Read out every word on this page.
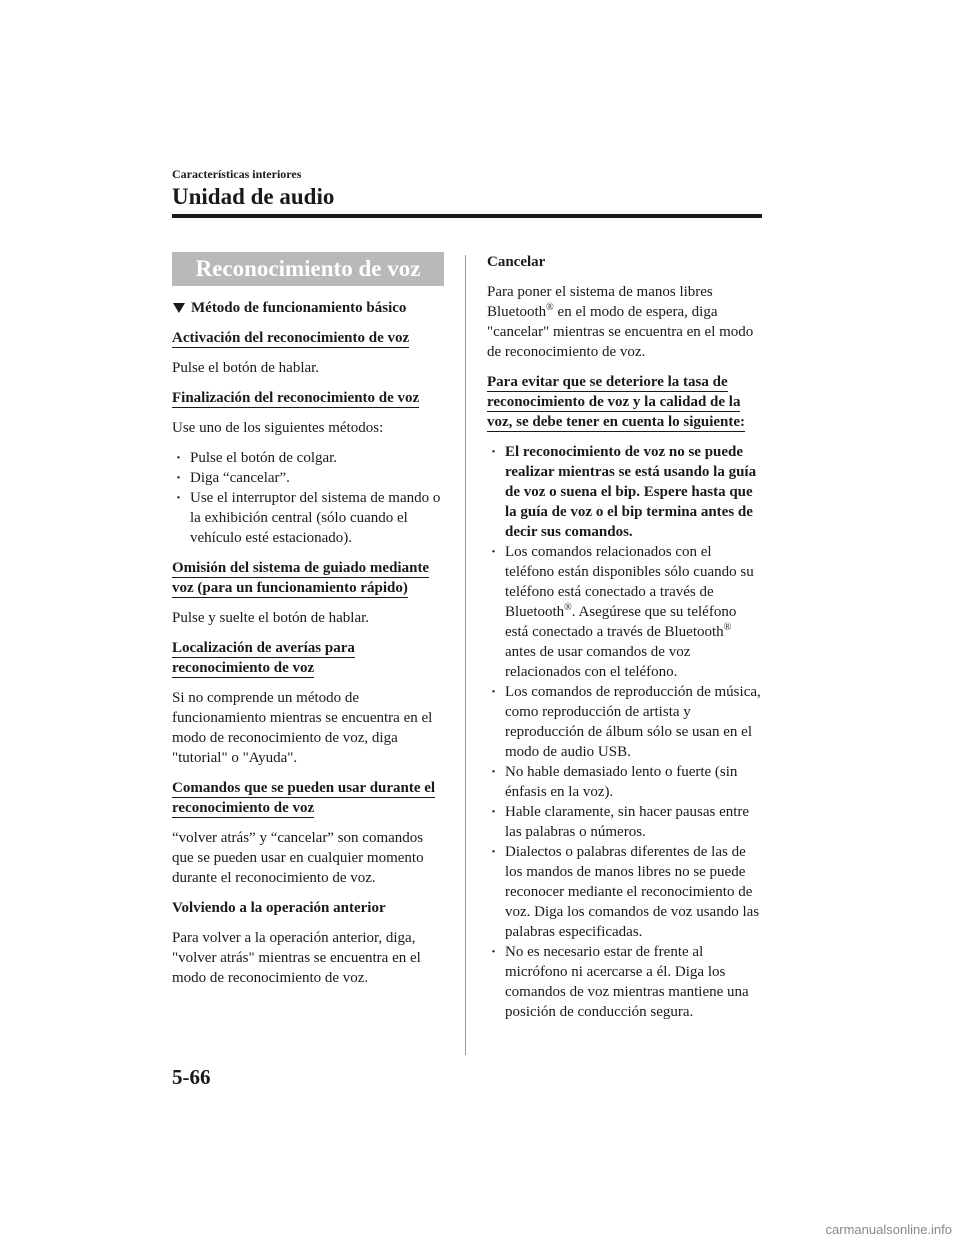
Características interiores
Unidad de audio
Reconocimiento de voz
Método de funcionamiento básico
Activación del reconocimiento de voz

Pulse el botón de hablar.

Finalización del reconocimiento de voz

Use uno de los siguientes métodos:

· Pulse el botón de colgar.
· Diga “cancelar”.
· Use el interruptor del sistema de mando o la exhibición central (sólo cuando el vehículo esté estacionado).
Omisión del sistema de guiado mediante voz (para un funcionamiento rápido)

Pulse y suelte el botón de hablar.

Localización de averías para reconocimiento de voz

Si no comprende un método de funcionamiento mientras se encuentra en el modo de reconocimiento de voz, diga "tutorial" o "Ayuda".

Comandos que se pueden usar durante el reconocimiento de voz

“volver atrás” y “cancelar” son comandos que se pueden usar en cualquier momento durante el reconocimiento de voz.

Volviendo a la operación anterior

Para volver a la operación anterior, diga, "volver atrás" mientras se encuentra en el modo de reconocimiento de voz.

Cancelar

Para poner el sistema de manos libres Bluetooth® en el modo de espera, diga "cancelar" mientras se encuentra en el modo de reconocimiento de voz.

Para evitar que se deteriore la tasa de reconocimiento de voz y la calidad de la voz, se debe tener en cuenta lo siguiente:
· El reconocimiento de voz no se puede realizar mientras se está usando la guía de voz o suena el bip. Espere hasta que la guía de voz o el bip termina antes de decir sus comandos.
· Los comandos relacionados con el teléfono están disponibles sólo cuando su teléfono está conectado a través de Bluetooth®. Asegúrese que su teléfono está conectado a través de Bluetooth® antes de usar comandos de voz relacionados con el teléfono.
· Los comandos de reproducción de música, como reproducción de artista y reproducción de álbum sólo se usan en el modo de audio USB.
· No hable demasiado lento o fuerte (sin énfasis en la voz).
· Hable claramente, sin hacer pausas entre las palabras o números.
· Dialectos o palabras diferentes de las de los mandos de manos libres no se puede reconocer mediante el reconocimiento de voz. Diga los comandos de voz usando las palabras especificadas.
· No es necesario estar de frente al micrófono ni acercarse a él. Diga los comandos de voz mientras mantiene una posición de conducción segura.
5-66
carmanualsonline.info
